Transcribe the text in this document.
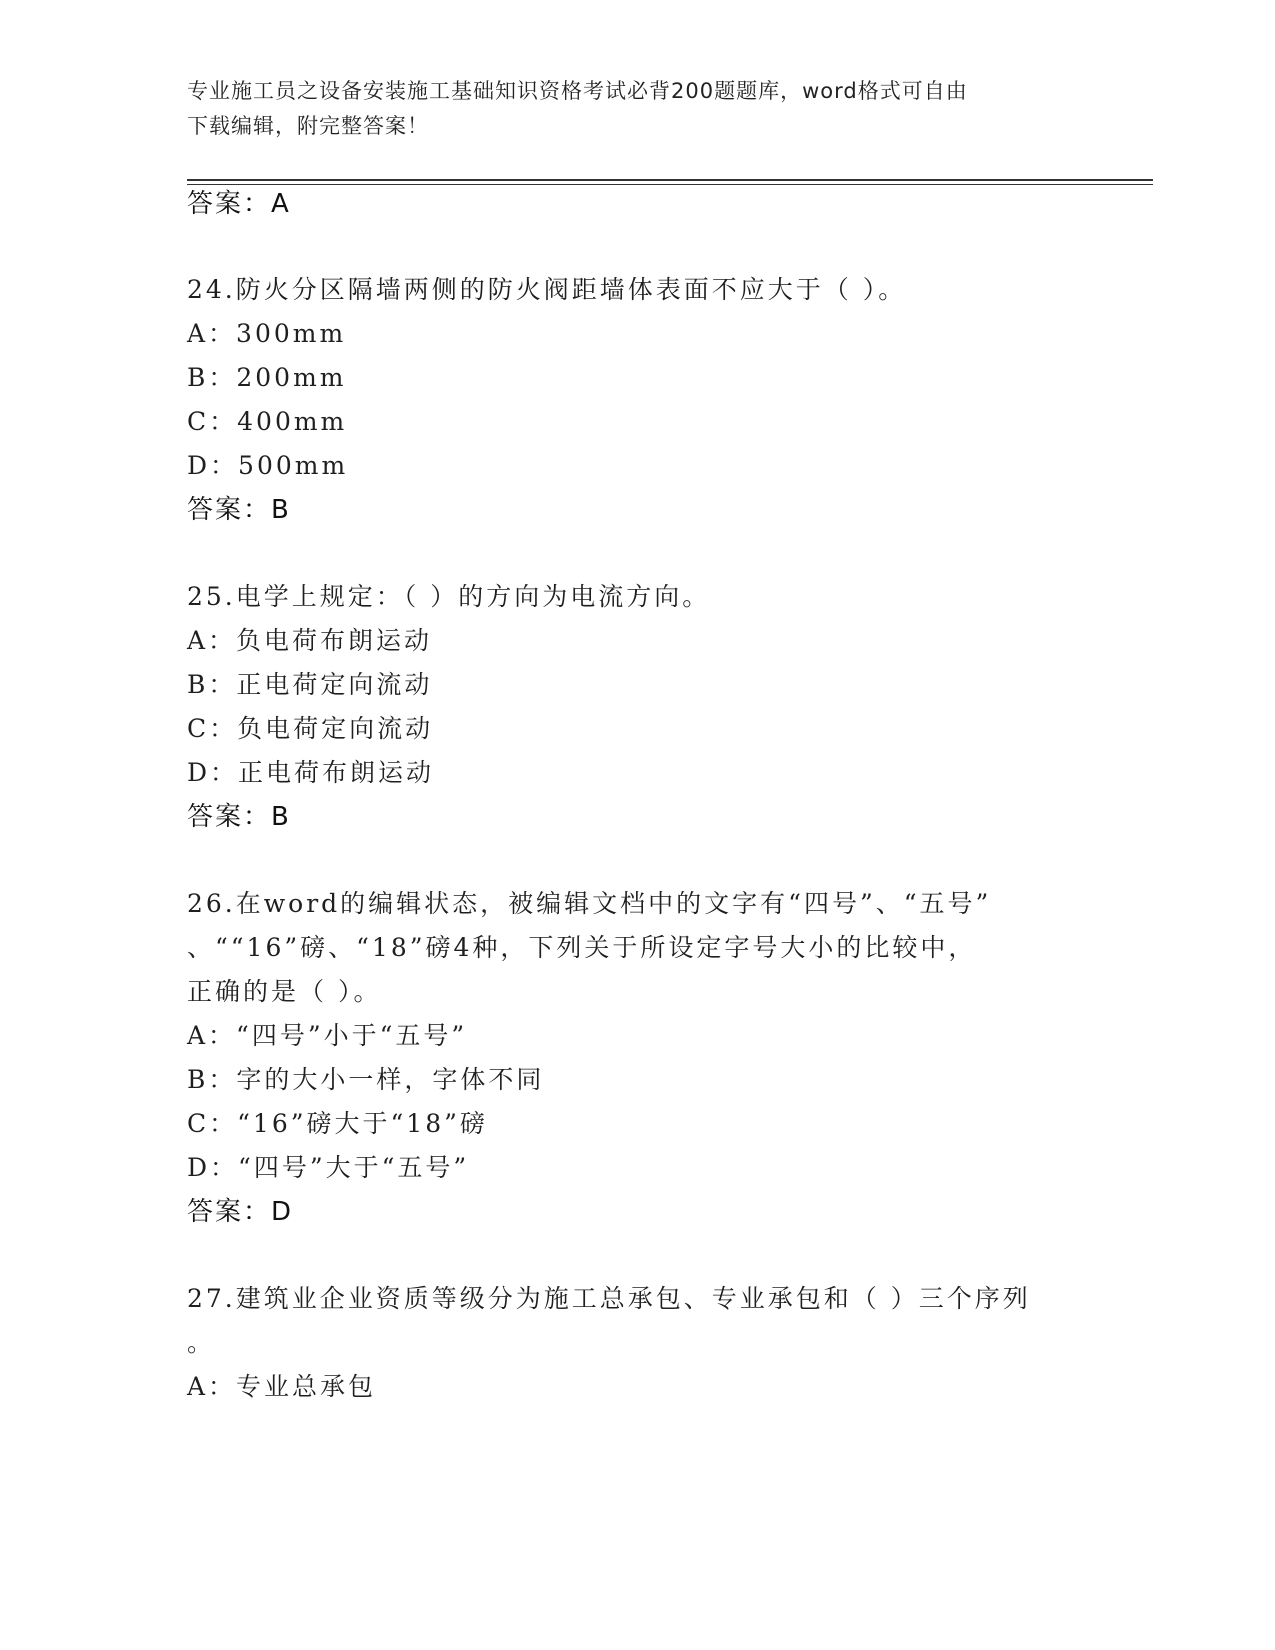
专业施工员之设备安装施工基础知识资格考试必背200题题库，word格式可自由
下载编辑，附完整答案！
答案：A
24.防火分区隔墙两侧的防火阀距墙体表面不应大于（ ）。
A：300mm
B：200mm
C：400mm
D：500mm
答案：B
25.电学上规定：（ ）的方向为电流方向。
A：负电荷布朗运动
B：正电荷定向流动
C：负电荷定向流动
D：正电荷布朗运动
答案：B
26.在word的编辑状态，被编辑文档中的文字有“四号”、“五号”
、““16”磅、“18”磅4种，下列关于所设定字号大小的比较中，
正确的是（ ）。
A：“四号”小于“五号”
B：字的大小一样，字体不同
C：“16”磅大于“18”磅
D：“四号”大于“五号”
答案：D
27.建筑业企业资质等级分为施工总承包、专业承包和（ ）三个序列
。
A：专业总承包
